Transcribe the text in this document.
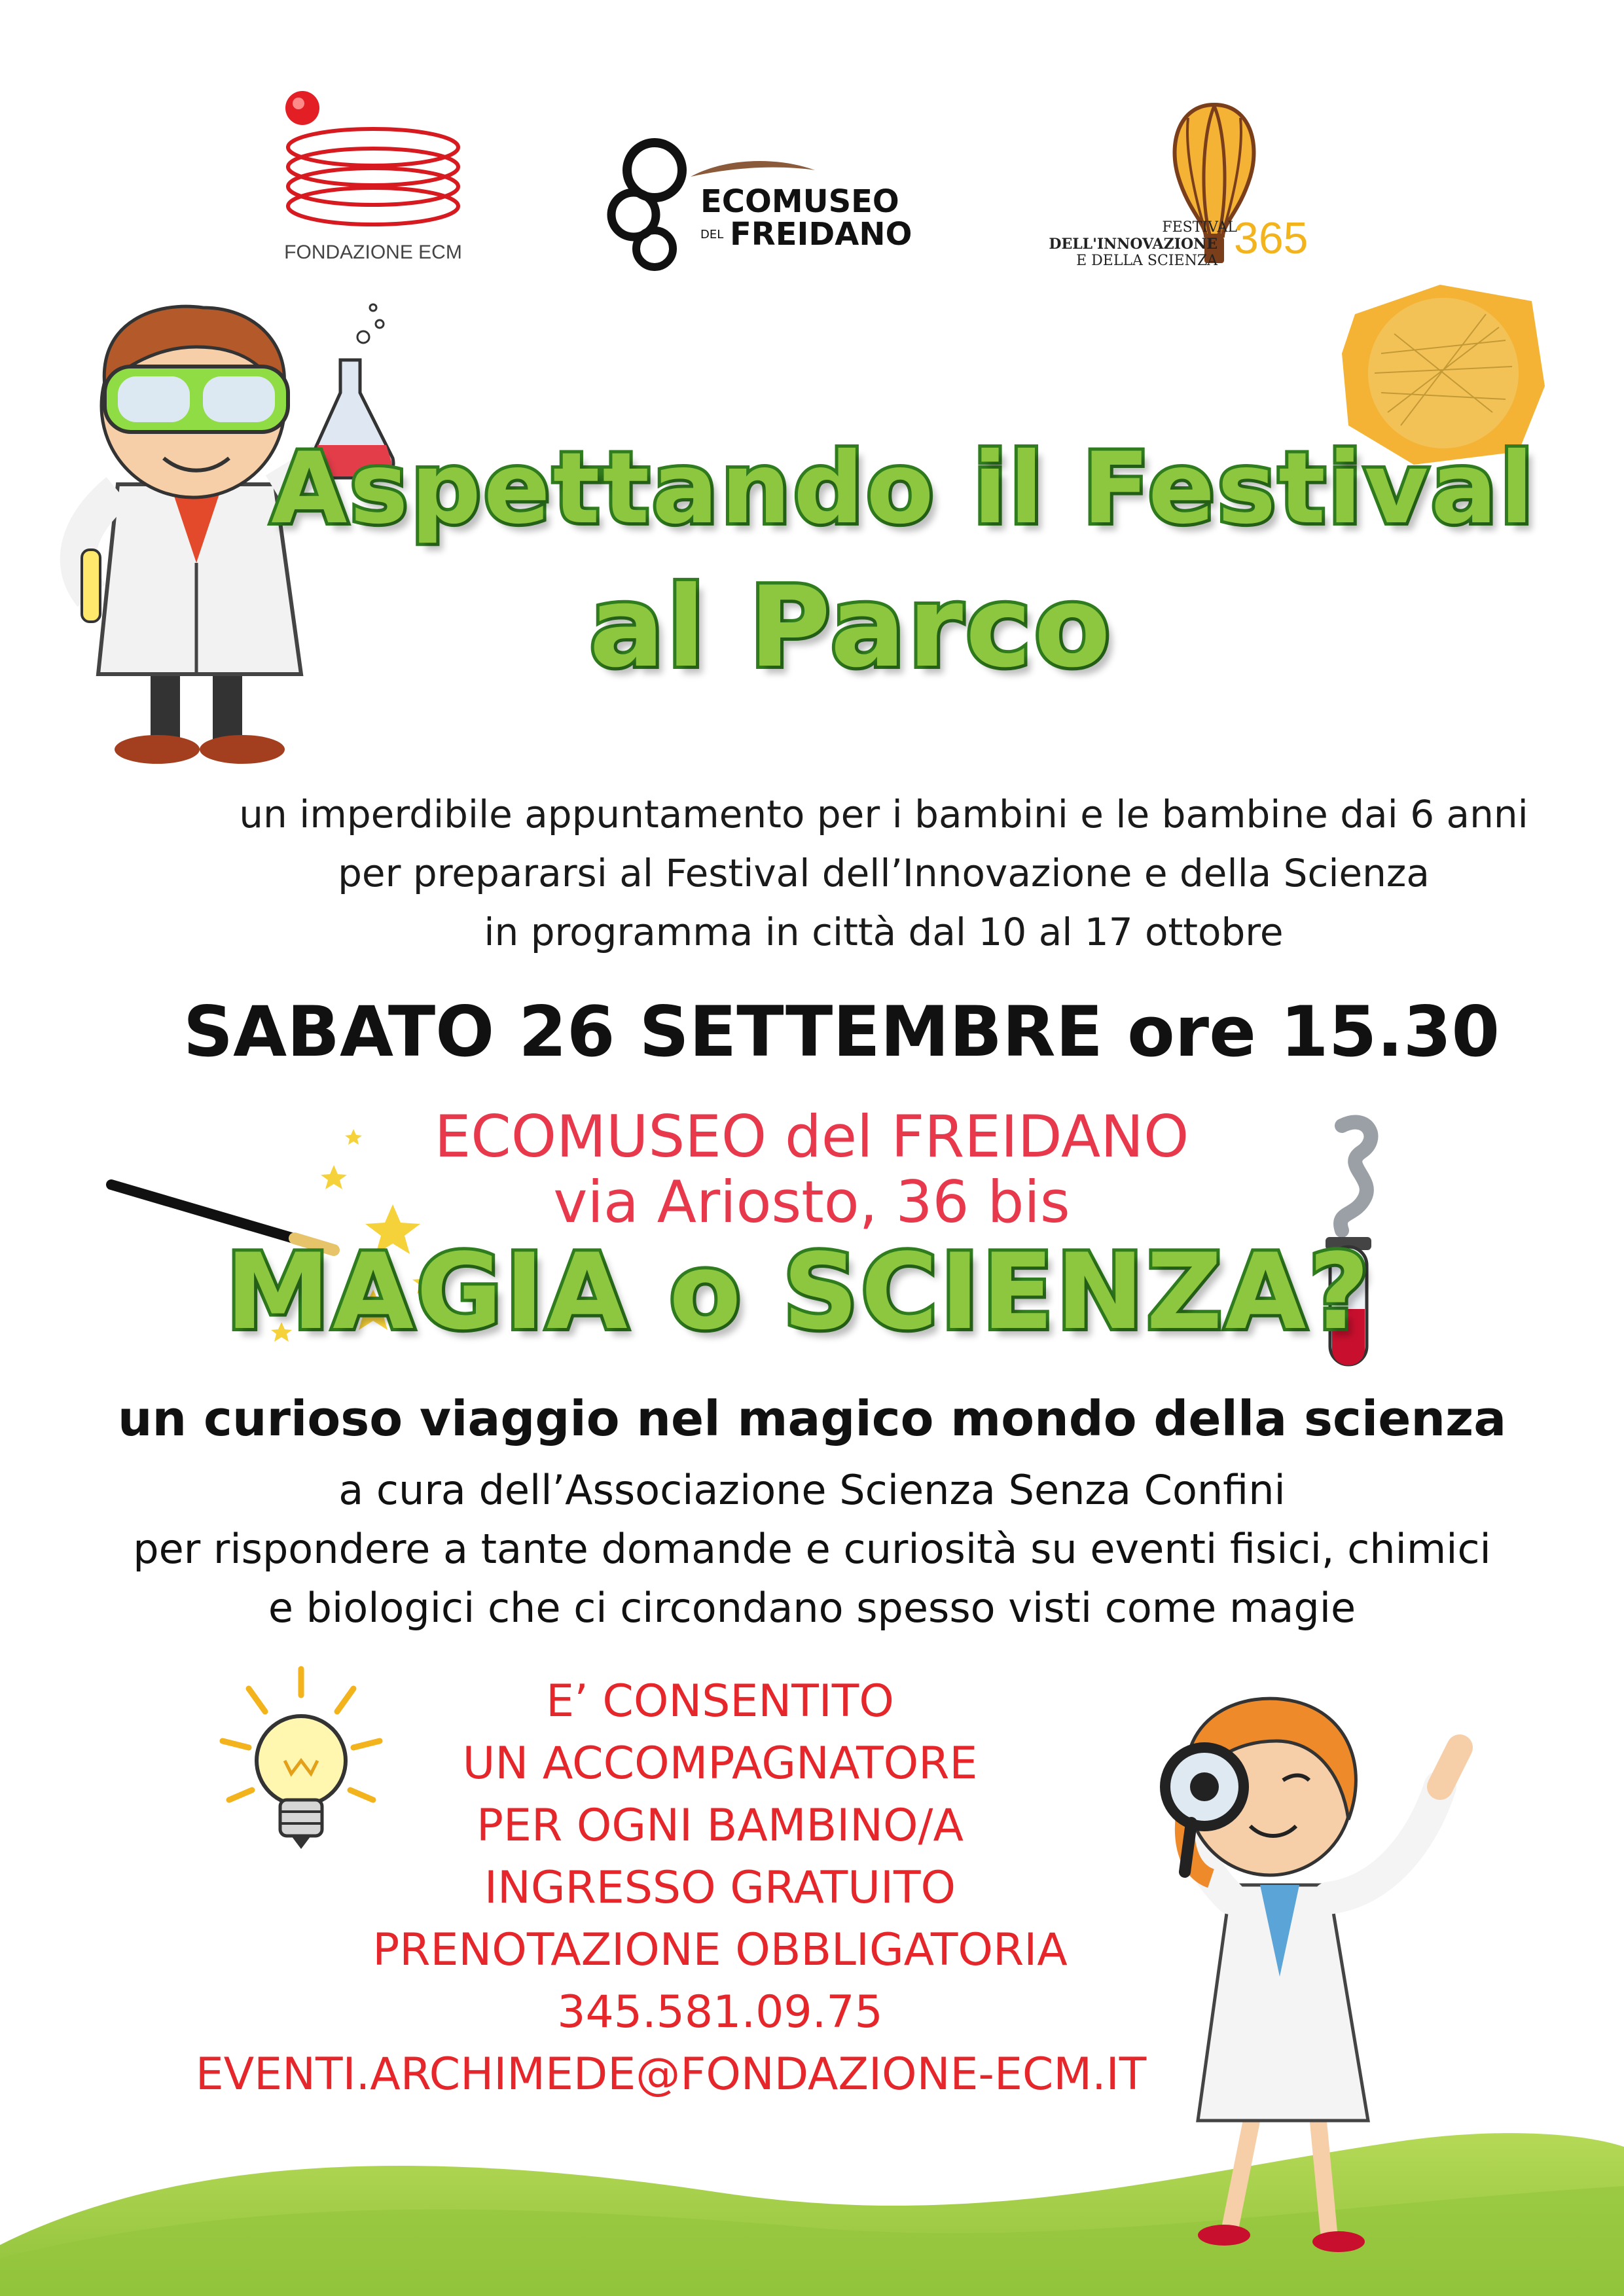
FONDAZIONE ECM
ECOMUSEO
DEL FREIDANO	FESTIVAL
DELL'INNOVAZIONE
E DELLA SCIENZA 365
Aspettando il Festival
al Parco
un imperdibile appuntamento per i bambini e le bambine dai 6 anni
per prepararsi al Festival dell’Innovazione e della Scienza
in programma in città dal 10 al 17 ottobre
SABATO 26 SETTEMBRE ore 15.30
ECOMUSEO del FREIDANO
via Ariosto, 36 bis
MAGIA o SCIENZA?
un curioso viaggio nel magico mondo della scienza
a cura dell’Associazione Scienza Senza Confini
per rispondere a tante domande e curiosità su eventi fisici, chimici
e biologici che ci circondano spesso visti come magie
E’ CONSENTITO
UN ACCOMPAGNATORE
PER OGNI BAMBINO/A
INGRESSO GRATUITO
PRENOTAZIONE OBBLIGATORIA
345.581.09.75
EVENTI.ARCHIMEDE@FONDAZIONE-ECM.IT
